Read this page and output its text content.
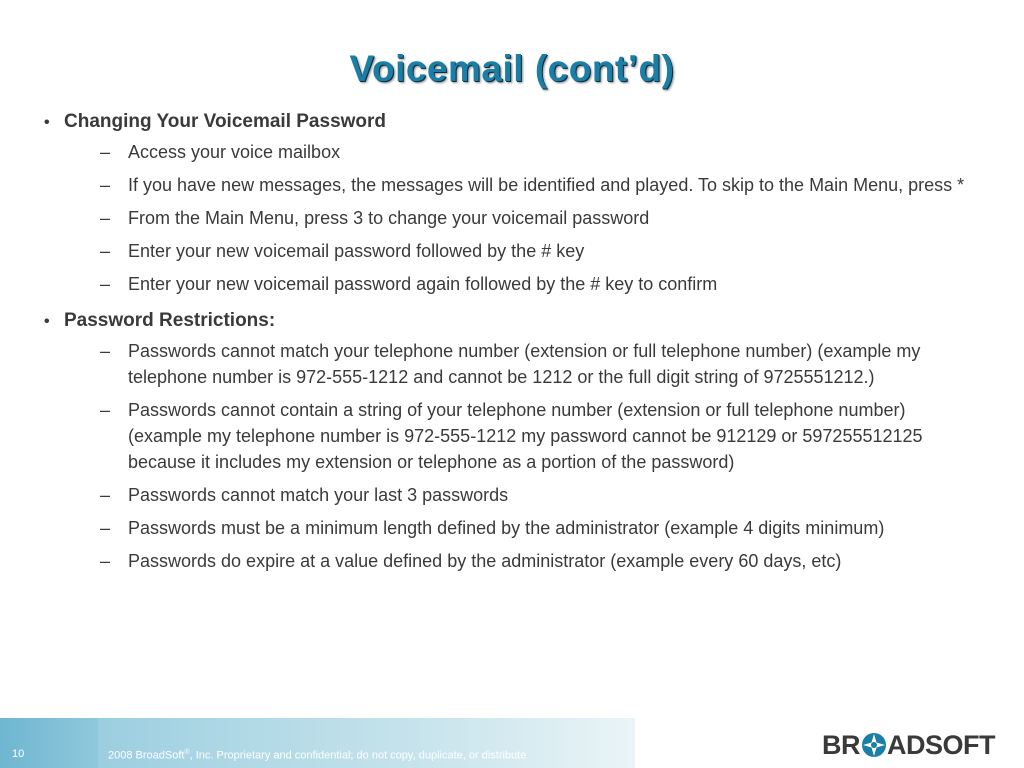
Voicemail (cont’d)
• Changing Your Voicemail Password
– Access your voice mailbox
– If you have new messages, the messages will be identified and played. To skip to the Main Menu, press *
– From the Main Menu, press 3 to change your voicemail password
– Enter your new voicemail password followed by the # key
– Enter your new voicemail password again followed by the # key to confirm
• Password Restrictions:
– Passwords cannot match your telephone number (extension or full telephone number) (example my telephone number is 972-555-1212 and cannot be 1212 or the full digit string of 9725551212.)
– Passwords cannot contain a string of your telephone number (extension or full telephone number) (example my telephone number is 972-555-1212 my password cannot be 912129 or 597255512125 because it includes my extension or telephone as a portion of the password)
– Passwords cannot match your last 3 passwords
– Passwords must be a minimum length defined by the administrator (example 4 digits minimum)
– Passwords do expire at a value defined by the administrator (example every 60 days, etc)
10	2008 BroadSoft®, Inc. Proprietary and confidential; do not copy, duplicate, or distribute	BR ADSOFT
